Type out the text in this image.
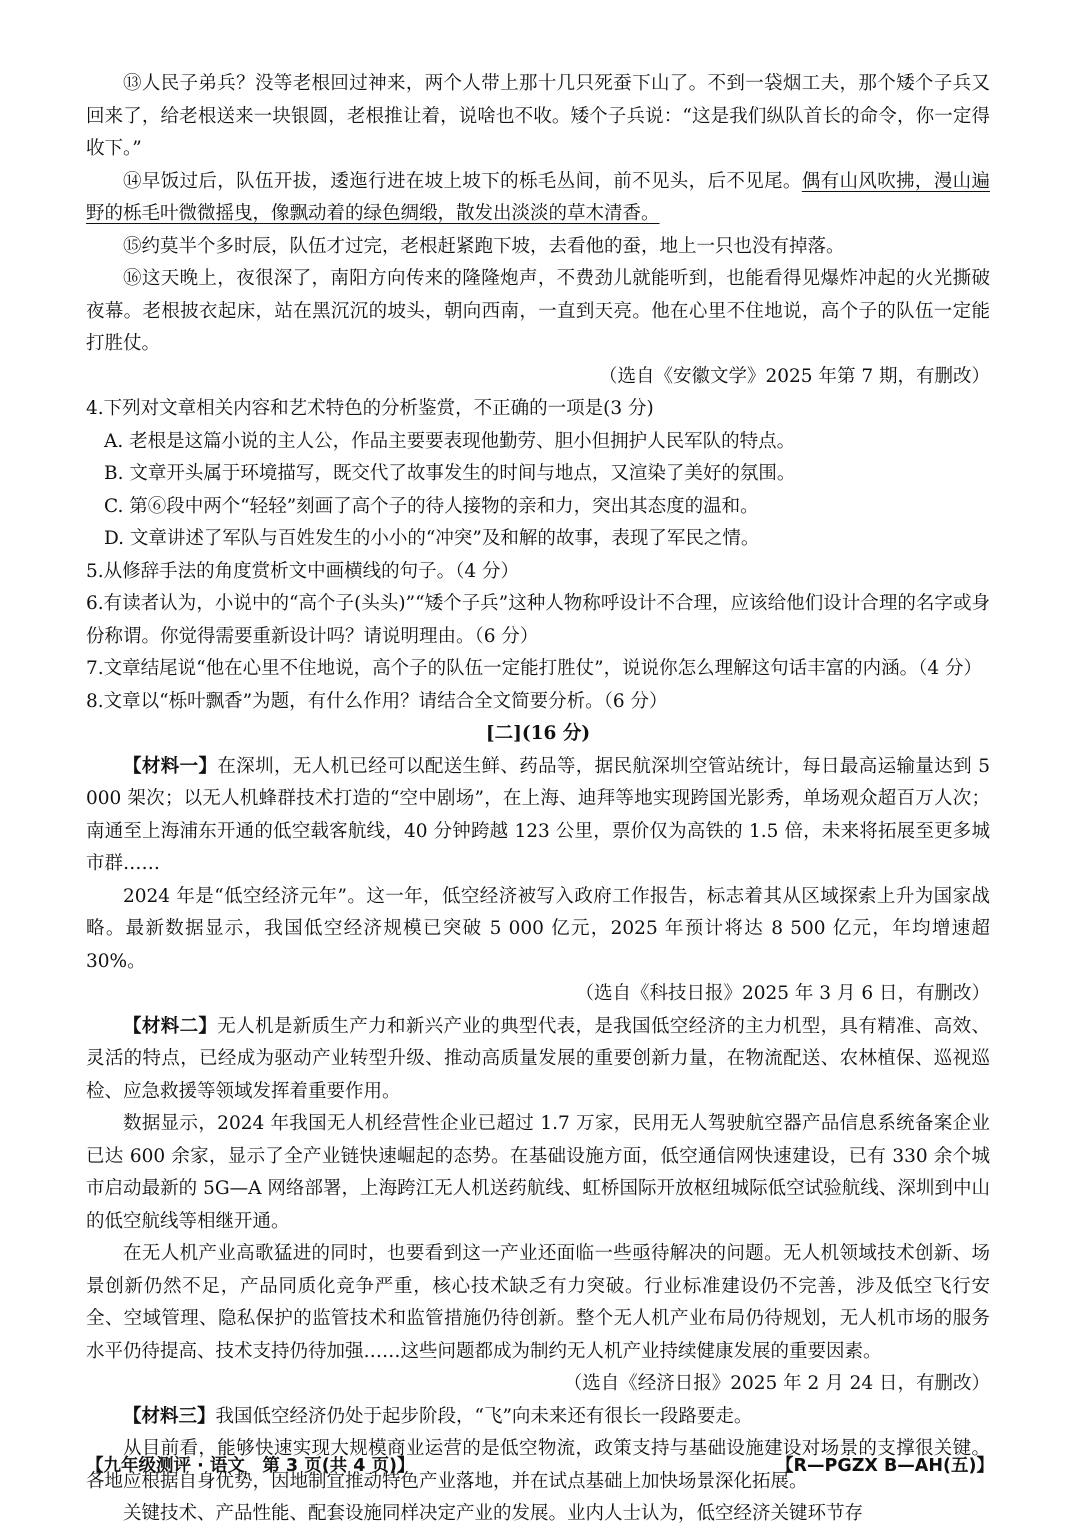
⑬人民子弟兵？没等老根回过神来，两个人带上那十几只死蚕下山了。不到一袋烟工夫，那个矮个子兵又回来了，给老根送来一块银圆，老根推让着，说啥也不收。矮个子兵说：“这是我们纵队首长的命令，你一定得收下。”

⑭早饭过后，队伍开拔，逶迤行进在坡上坡下的栎毛丛间，前不见头，后不见尾。偶有山风吹拂，漫山遍野的栎毛叶微微摇曳，像飘动着的绿色绸缎，散发出淡淡的草木清香。

⑮约莫半个多时辰，队伍才过完，老根赶紧跑下坡，去看他的蚕，地上一只也没有掉落。

⑯这天晚上，夜很深了，南阳方向传来的隆隆炮声，不费劲儿就能听到，也能看得见爆炸冲起的火光撕破夜幕。老根披衣起床，站在黑沉沉的坡头，朝向西南，一直到天亮。他在心里不住地说，高个子的队伍一定能打胜仗。

（选自《安徽文学》2025 年第 7 期，有删改）

4.下列对文章相关内容和艺术特色的分析鉴赏，不正确的一项是(3 分)

A. 老根是这篇小说的主人公，作品主要要表现他勤劳、胆小但拥护人民军队的特点。

B. 文章开头属于环境描写，既交代了故事发生的时间与地点，又渲染了美好的氛围。

C. 第⑥段中两个“轻轻”刻画了高个子的待人接物的亲和力，突出其态度的温和。

D. 文章讲述了军队与百姓发生的小小的“冲突”及和解的故事，表现了军民之情。

5.从修辞手法的角度赏析文中画横线的句子。（4 分）

6.有读者认为，小说中的“高个子(头头)”“矮个子兵”这种人物称呼设计不合理，应该给他们设计合理的名字或身份称谓。你觉得需要重新设计吗？请说明理由。（6 分）

7.文章结尾说“他在心里不住地说，高个子的队伍一定能打胜仗”，说说你怎么理解这句话丰富的内涵。（4 分）

8.文章以“栎叶飘香”为题，有什么作用？请结合全文简要分析。（6 分）

[二](16 分)

【材料一】在深圳，无人机已经可以配送生鲜、药品等，据民航深圳空管站统计，每日最高运输量达到 5 000 架次；以无人机蜂群技术打造的“空中剧场”，在上海、迪拜等地实现跨国光影秀，单场观众超百万人次；南通至上海浦东开通的低空载客航线，40 分钟跨越 123 公里，票价仅为高铁的 1.5 倍，未来将拓展至更多城市群……

2024 年是“低空经济元年”。这一年，低空经济被写入政府工作报告，标志着其从区域探索上升为国家战略。最新数据显示，我国低空经济规模已突破 5 000 亿元，2025 年预计将达 8 500 亿元，年均增速超 30%。

（选自《科技日报》2025 年 3 月 6 日，有删改）

【材料二】无人机是新质生产力和新兴产业的典型代表，是我国低空经济的主力机型，具有精准、高效、灵活的特点，已经成为驱动产业转型升级、推动高质量发展的重要创新力量，在物流配送、农林植保、巡视巡检、应急救援等领域发挥着重要作用。

数据显示，2024 年我国无人机经营性企业已超过 1.7 万家，民用无人驾驶航空器产品信息系统备案企业已达 600 余家，显示了全产业链快速崛起的态势。在基础设施方面，低空通信网快速建设，已有 330 余个城市启动最新的 5G—A 网络部署，上海跨江无人机送药航线、虹桥国际开放枢纽城际低空试验航线、深圳到中山的低空航线等相继开通。

在无人机产业高歌猛进的同时，也要看到这一产业还面临一些亟待解决的问题。无人机领域技术创新、场景创新仍然不足，产品同质化竞争严重，核心技术缺乏有力突破。行业标准建设仍不完善，涉及低空飞行安全、空域管理、隐私保护的监管技术和监管措施仍待创新。整个无人机产业布局仍待规划，无人机市场的服务水平仍待提高、技术支持仍待加强……这些问题都成为制约无人机产业持续健康发展的重要因素。

（选自《经济日报》2025 年 2 月 24 日，有删改）

【材料三】我国低空经济仍处于起步阶段，“飞”向未来还有很长一段路要走。

从目前看，能够快速实现大规模商业运营的是低空物流，政策支持与基础设施建设对场景的支撑很关键。各地应根据自身优势，因地制宜推动特色产业落地，并在试点基础上加快场景深化拓展。

关键技术、产品性能、配套设施同样决定产业的发展。业内人士认为，低空经济关键环节存

【九年级测评 · 语文　第 3 页(共 4 页)】	【R—PGZX B—AH(五)】
